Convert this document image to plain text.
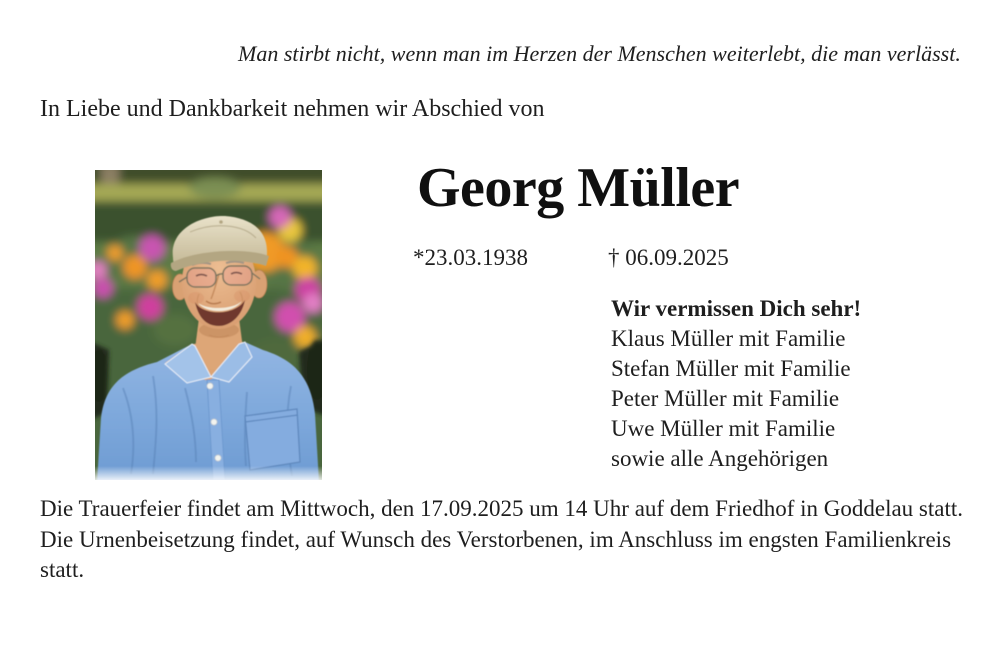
Man stirbt nicht, wenn man im Herzen der Menschen weiterlebt, die man verlässt.
In Liebe und Dankbarkeit nehmen wir Abschied von
Georg Müller
*23.03.1938	† 06.09.2025
Wir vermissen Dich sehr!
Klaus Müller mit Familie
Stefan Müller mit Familie
Peter Müller mit Familie
Uwe Müller mit Familie
sowie alle Angehörigen

Die Trauerfeier findet am Mittwoch, den 17.09.2025 um 14 Uhr auf dem Friedhof in Goddelau statt.

Die Urnenbeisetzung findet, auf Wunsch des Verstorbenen, im Anschluss im engsten Familienkreis statt.
